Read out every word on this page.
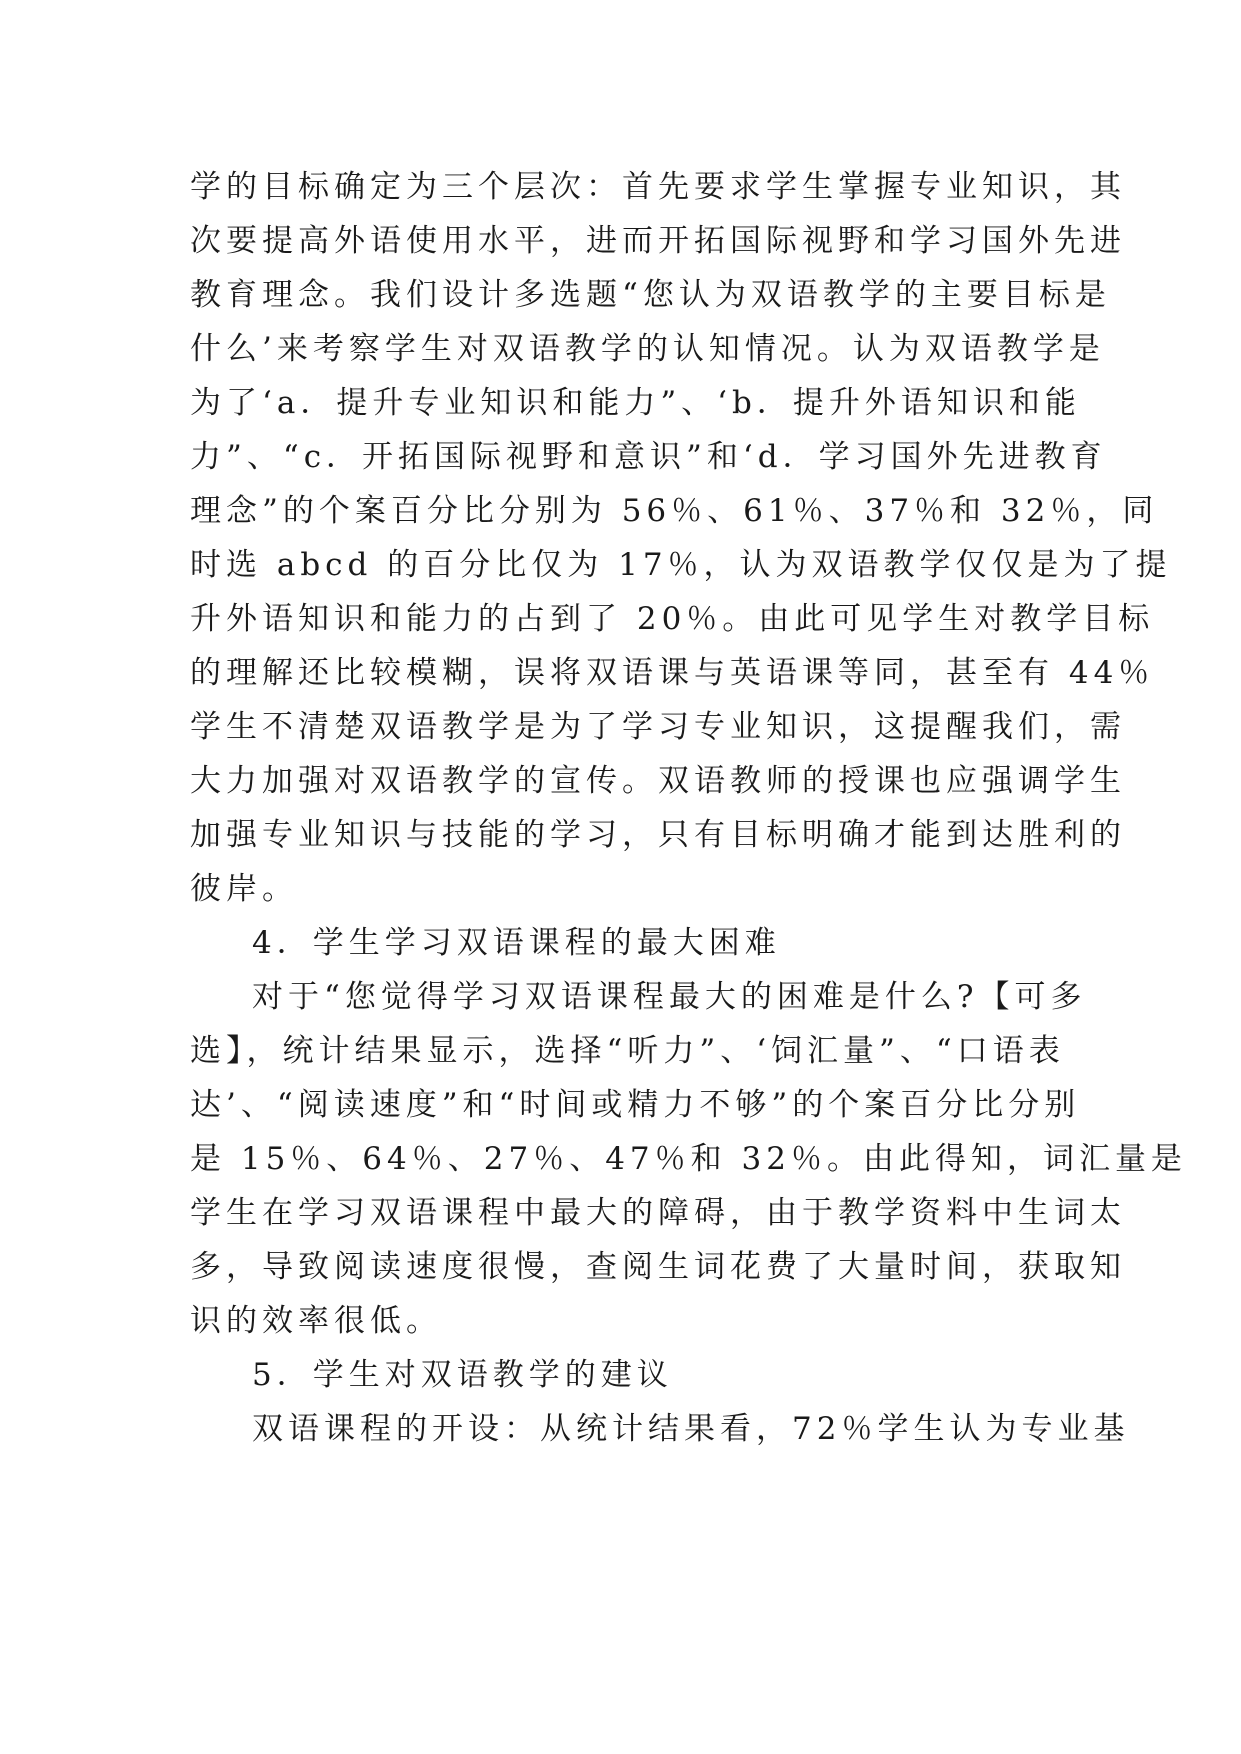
学的目标确定为三个层次：首先要求学生掌握专业知识，其
次要提高外语使用水平，进而开拓国际视野和学习国外先进
教育理念。我们设计多选题“您认为双语教学的主要目标是
什么’来考察学生对双语教学的认知情况。认为双语教学是
为了‘a．提升专业知识和能力”、‘b．提升外语知识和能
力”、“c．开拓国际视野和意识”和‘d．学习国外先进教育
理念”的个案百分比分别为 56％、61％、37％和 32％，同
时选 abcd 的百分比仅为 17％，认为双语教学仅仅是为了提
升外语知识和能力的占到了 20％。由此可见学生对教学目标
的理解还比较模糊，误将双语课与英语课等同，甚至有 44％
学生不清楚双语教学是为了学习专业知识，这提醒我们，需
大力加强对双语教学的宣传。双语教师的授课也应强调学生
加强专业知识与技能的学习，只有目标明确才能到达胜利的
彼岸。
4．学生学习双语课程的最大困难
对于“您觉得学习双语课程最大的困难是什么?【可多
选】，统计结果显示，选择“听力”、‘饲汇量”、“口语表
达’、“阅读速度”和“时间或精力不够”的个案百分比分别
是 15％、64％、27％、47％和 32％。由此得知，词汇量是
学生在学习双语课程中最大的障碍，由于教学资料中生词太
多，导致阅读速度很慢，查阅生词花费了大量时间，获取知
识的效率很低。
5．学生对双语教学的建议
双语课程的开设：从统计结果看，72％学生认为专业基
